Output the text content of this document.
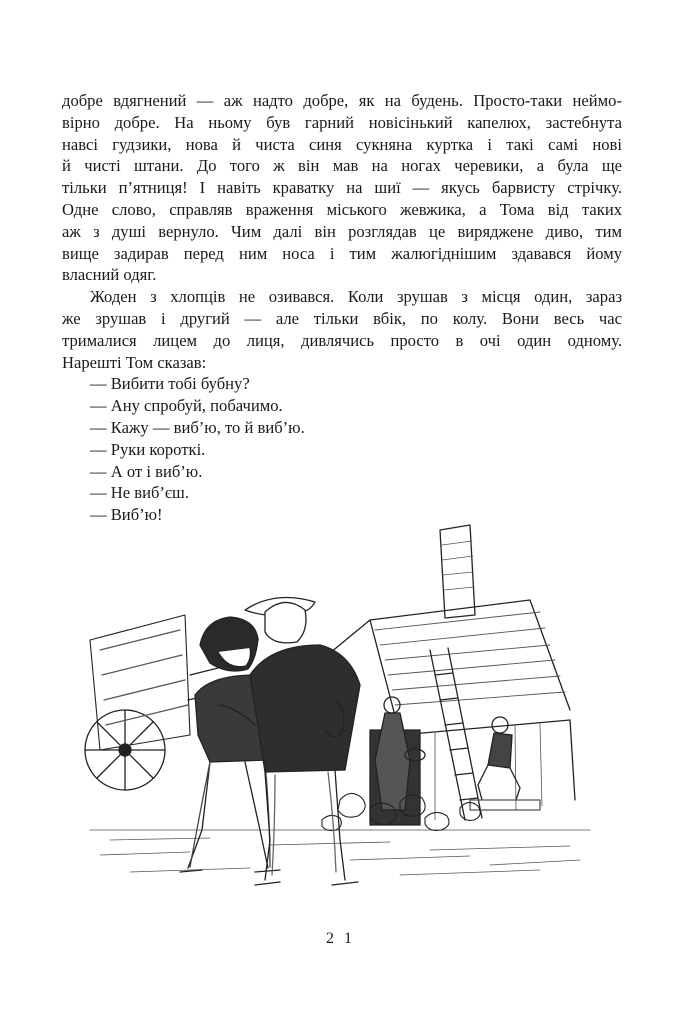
добре вдягнений — аж надто добре, як на будень. Просто-таки неймо-
вірно добре. На ньому був гарний новісінький капелюх, застебнута
навсі гудзики, нова й чиста синя сукняна куртка і такі самі нові
й чисті штани. До того ж він мав на ногах черевики, а була ще
тільки п’ятниця! І навіть краватку на шиї — якусь барвисту стрічку.
Одне слово, справляв враження міського жевжика, а Тома від таких
аж з душі вернуло. Чим далі він розглядав це виряджене диво, тим
вище задирав перед ним носа і тим жалюгіднішим здавався йому
власний одяг.
Жоден з хлопців не озивався. Коли зрушав з місця один, зараз
же зрушав і другий — але тільки вбік, по колу. Вони весь час
трималися лицем до лиця, дивлячись просто в очі один одному.
Нарешті Том сказав:
— Вибити тобі бубну?
— Ану спробуй, побачимо.
— Кажу — виб’ю, то й виб’ю.
— Руки короткі.
— А от і виб’ю.
— Не виб’єш.
— Виб’ю!
2 1
